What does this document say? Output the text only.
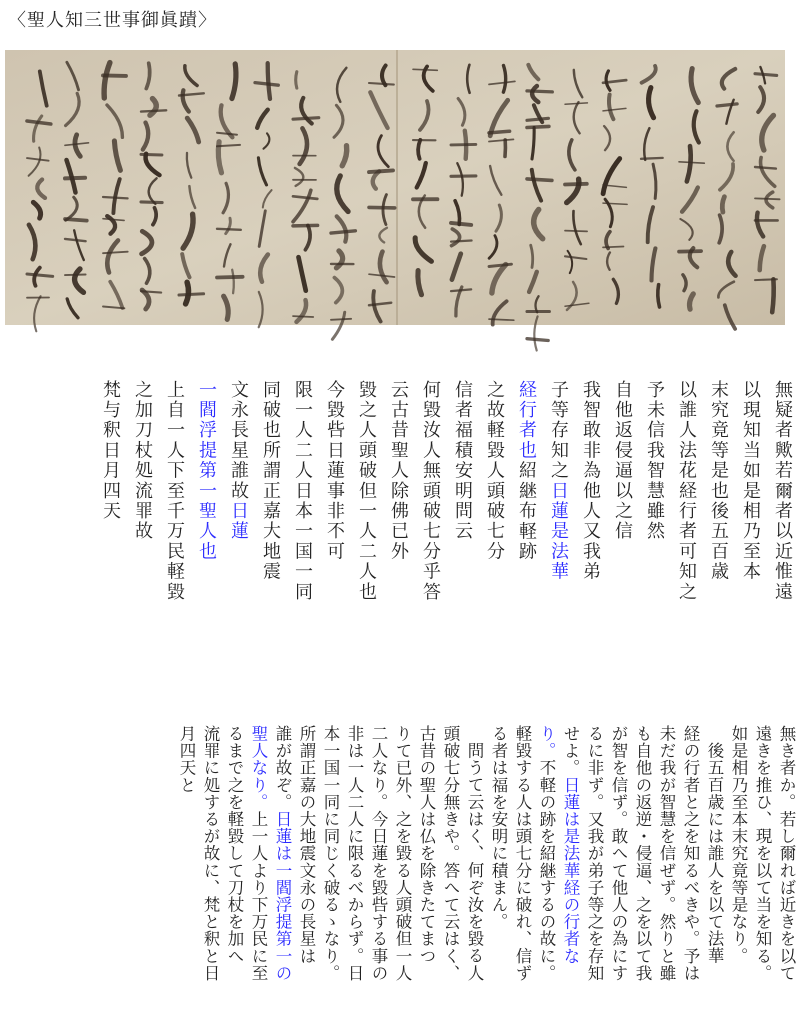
〈聖人知三世事御眞蹟〉
無疑者歟若爾者以近惟遠
以現知当如是相乃至本
末究竟等是也後五百歳
以誰人法花経行者可知之
予未信我智慧雖然
自他返侵逼以之信
我智敢非為他人又我弟
子等存知之日蓮是法華
経行者也紹継布軽跡
之故軽毀人頭破七分
信者福積安明問云
何毀汝人無頭破七分乎答
云古昔聖人除佛已外
毀之人頭破但一人二人也
今毀呰日蓮事非不可
限一人二人日本一国一同
同破也所謂正嘉大地震
文永長星誰故日蓮
一閻浮提第一聖人也
上自一人下至千万民軽毀
之加刀杖処流罪故
梵与釈日月四天
無き者か。若し爾れば近きを以て
遠きを推ひ、現を以て当を知る。
如是相乃至本末究竟等是なり。
後五百歳には誰人を以て法華
経の行者と之を知るべきや。予は
未だ我が智慧を信ぜず。然りと雖
も自他の返逆・侵逼、之を以て我
が智を信ず。敢へて他人の為にす
るに非ず。又我が弟子等之を存知
せよ。日蓮は是法華経の行者な
り。不軽の跡を紹継するの故に。
軽毀する人は頭七分に破れ、信ず
る者は福を安明に積まん。
問うて云はく、何ぞ汝を毀る人
頭破七分無きや。答へて云はく、
古昔の聖人は仏を除きたてまつ
りて已外、之を毀る人頭破但一人
二人なり。今日蓮を毀呰する事の
非は一人二人に限るべからず。日
本一国一同に同じく破るゝなり。
所謂正嘉の大地震文永の長星は
誰が故ぞ。日蓮は一閻浮提第一の
聖人なり。上一人より下万民に至
るまで之を軽毀して刀杖を加へ
流罪に処するが故に、梵と釈と日
月四天と
